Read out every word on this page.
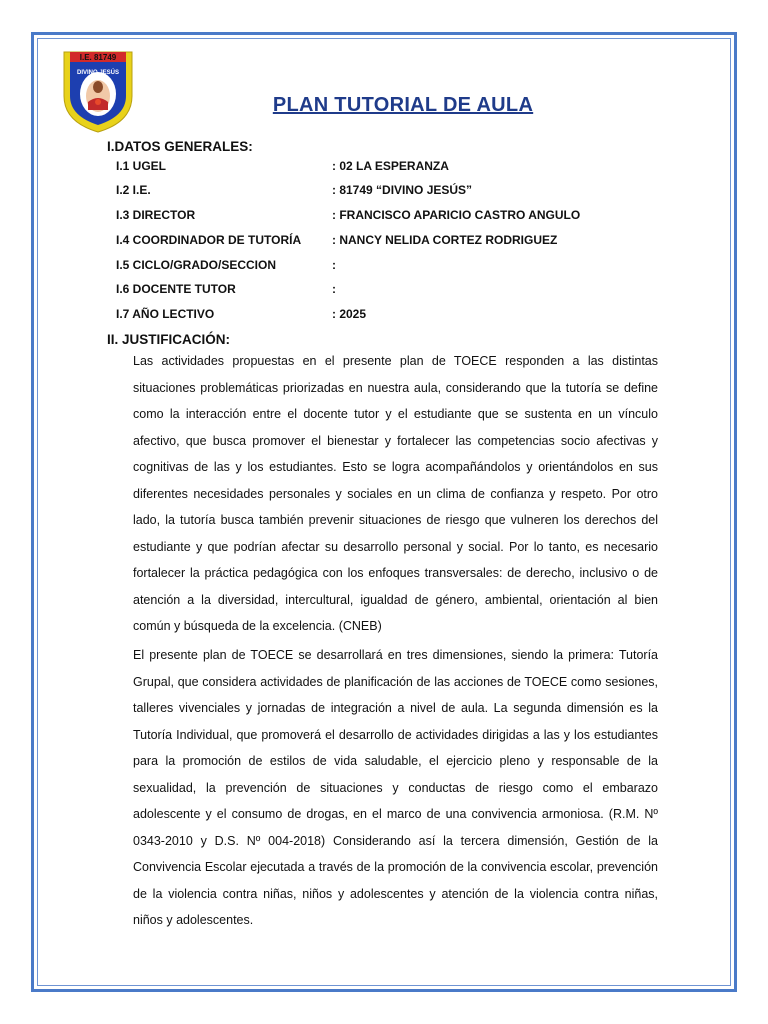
I.E. 81749
DIVINO JESÚS
PLAN TUTORIAL DE AULA
I.DATOS GENERALES:
I.1 UGEL	: 02 LA ESPERANZA
I.2 I.E.	: 81749 “DIVINO JESÚS”
I.3 DIRECTOR	: FRANCISCO APARICIO CASTRO ANGULO
I.4 COORDINADOR DE TUTORÍA	: NANCY NELIDA CORTEZ RODRIGUEZ
I.5 CICLO/GRADO/SECCION	:
I.6 DOCENTE TUTOR	:
I.7 AÑO LECTIVO	: 2025
II. JUSTIFICACIÓN:

Las actividades propuestas en el presente plan de TOECE responden a las distintas situaciones problemáticas priorizadas en nuestra aula, considerando que la tutoría se define como la interacción entre el docente tutor y el estudiante que se sustenta en un vínculo afectivo, que busca promover el bienestar y fortalecer las competencias socio afectivas y cognitivas de las y los estudiantes. Esto se logra acompañándolos y orientándolos en sus diferentes necesidades personales y sociales en un clima de confianza y respeto. Por otro lado, la tutoría busca también prevenir situaciones de riesgo que vulneren los derechos del estudiante y que podrían afectar su desarrollo personal y social. Por lo tanto, es necesario fortalecer la práctica pedagógica con los enfoques transversales: de derecho, inclusivo o de atención a la diversidad, intercultural, igualdad de género, ambiental, orientación al bien común y búsqueda de la excelencia. (CNEB)

El presente plan de TOECE se desarrollará en tres dimensiones, siendo la primera: Tutoría Grupal, que considera actividades de planificación de las acciones de TOECE como sesiones, talleres vivenciales y jornadas de integración a nivel de aula. La segunda dimensión es la Tutoría Individual, que promoverá el desarrollo de actividades dirigidas a las y los estudiantes para la promoción de estilos de vida saludable, el ejercicio pleno y responsable de la sexualidad, la prevención de situaciones y conductas de riesgo como el embarazo adolescente y el consumo de drogas, en el marco de una convivencia armoniosa. (R.M. Nº 0343-2010 y D.S. Nº 004-2018) Considerando así la tercera dimensión, Gestión de la Convivencia Escolar ejecutada a través de la promoción de la convivencia escolar, prevención de la violencia contra niñas, niños y adolescentes y atención de la violencia contra niñas, niños y adolescentes.
